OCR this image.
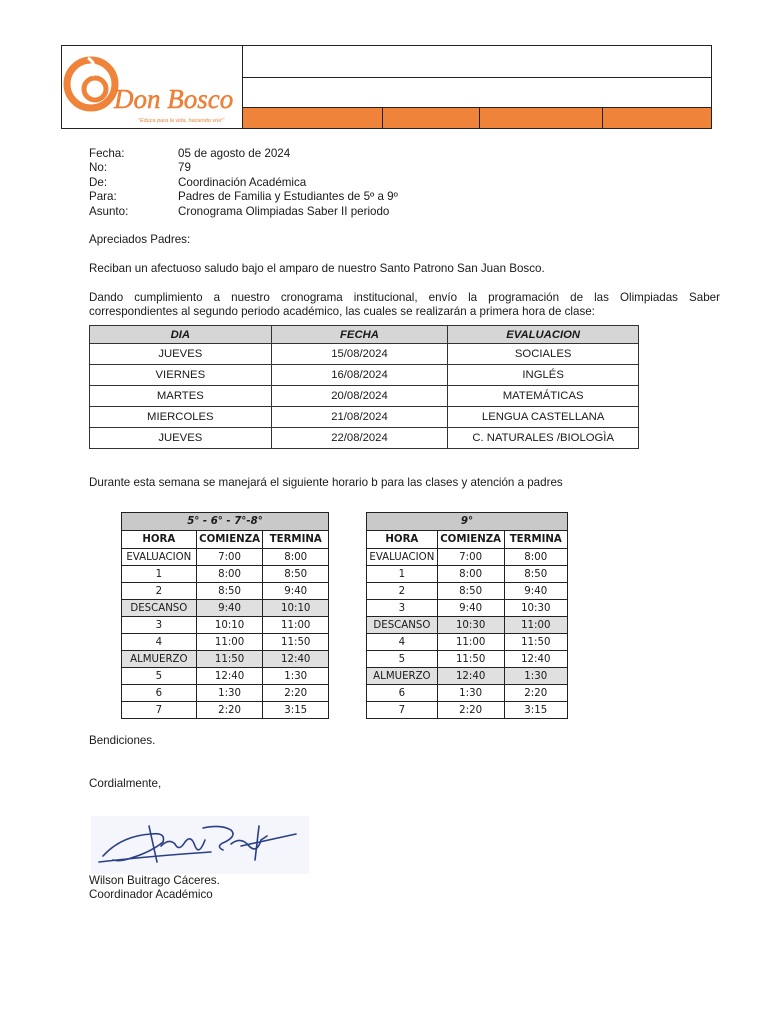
Don Bosco
"Educa para la vida, haciendo vivir"
Fecha:	05 de agosto de 2024
No:	79
De:	Coordinación Académica
Para:	Padres de Familia y Estudiantes de 5º a 9º
Asunto:	Cronograma Olimpiadas Saber II periodo
Apreciados Padres:
Reciban un afectuoso saludo bajo el amparo de nuestro Santo Patrono San Juan Bosco.
Dando cumplimiento a nuestro cronograma institucional, envío la programación de las Olimpiadas Saber
correspondientes al segundo periodo académico, las cuales se realizarán a primera hora de clase:
DIA	FECHA	EVALUACION
JUEVES	15/08/2024	SOCIALES
VIERNES	16/08/2024	INGLÉS
MARTES	20/08/2024	MATEMÁTICAS
MIERCOLES	21/08/2024	LENGUA CASTELLANA
JUEVES	22/08/2024	C. NATURALES /BIOLOGÌA
Durante esta semana se manejará el siguiente horario b para las clases y atención a padres
5° - 6° - 7°-8°		
HORA	COMIENZA	TERMINA
EVALUACION	7:00	8:00
1	8:00	8:50
2	8:50	9:40
DESCANSO	9:40	10:10
3	10:10	11:00
4	11:00	11:50
ALMUERZO	11:50	12:40
5	12:40	1:30
6	1:30	2:20
7	2:20	3:15
9°		
HORA	COMIENZA	TERMINA
EVALUACION	7:00	8:00
1	8:00	8:50
2	8:50	9:40
3	9:40	10:30
DESCANSO	10:30	11:00
4	11:00	11:50
5	11:50	12:40
ALMUERZO	12:40	1:30
6	1:30	2:20
7	2:20	3:15
Bendiciones.
Cordialmente,
Wilson Buitrago Cáceres.
Coordinador Académico
